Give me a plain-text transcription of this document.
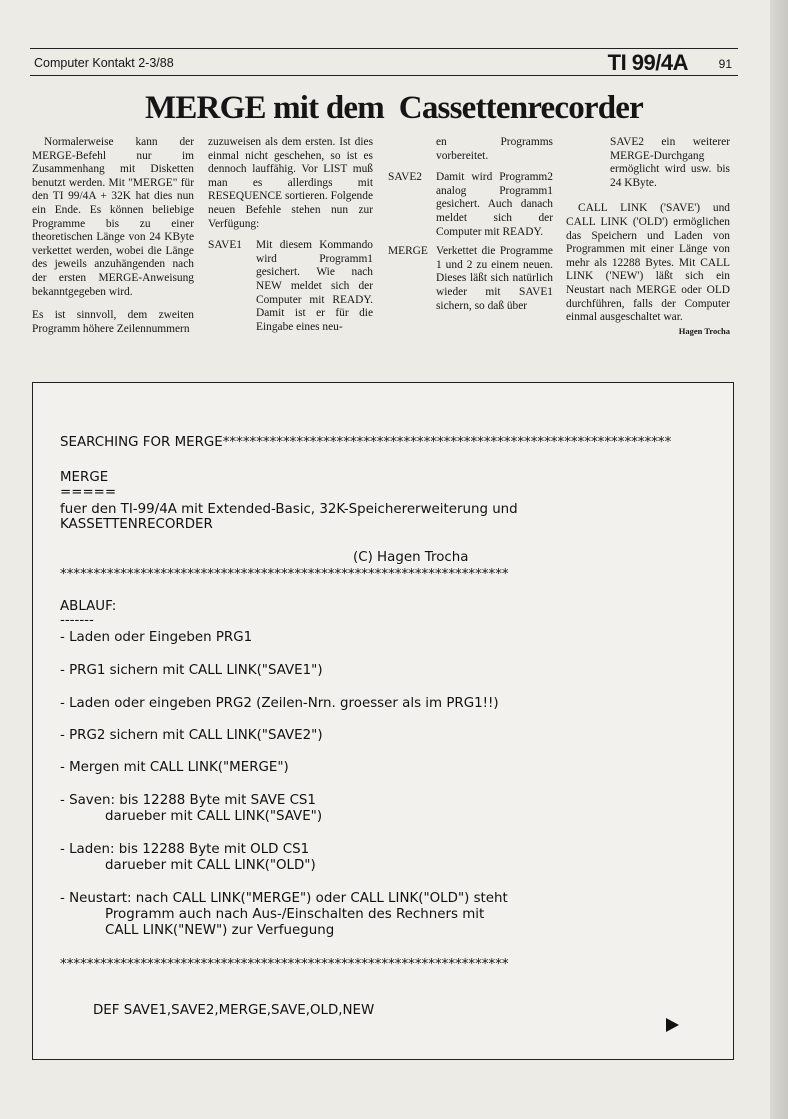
Computer Kontakt 2-3/88	TI 99/4A	91
MERGE mit dem  Cassettenrecorder

Normalerweise kann der MERGE-Befehl nur im Zusammenhang mit Disketten benutzt werden. Mit "MERGE" für den TI 99/4A + 32K hat dies nun ein Ende. Es können beliebige Programme bis zu einer theoretischen Länge von 24 KByte verkettet werden, wobei die Länge des jeweils anzuhängenden nach der ersten MERGE-Anweisung bekanntgegeben wird.

Es ist sinnvoll, dem zweiten Programm höhere Zeilennummern

zuzuweisen als dem ersten. Ist dies einmal nicht geschehen, so ist es dennoch lauffähig. Vor LIST muß man es allerdings mit RESEQUENCE sortieren. Folgende neuen Befehle stehen nun zur Verfügung:

SAVE1	Mit diesem Kommando wird Programm1 gesichert. Wie nach NEW meldet sich der Computer mit READY. Damit ist er für die Eingabe eines neu-

en Programms vorbereitet.

SAVE2	Damit wird Programm2 analog Programm1 gesichert. Auch danach meldet sich der Computer mit READY.
MERGE Verkettet die Programme 1 und 2 zu einem neuen. Dieses läßt sich natürlich wieder mit SAVE1 sichern, so daß über

SAVE2 ein weiterer MERGE-Durchgang ermöglicht wird usw. bis 24 KByte.

CALL LINK ('SAVE') und CALL LINK ('OLD') ermöglichen das Speichern und Laden von Programmen mit einer Länge von mehr als 12288 Bytes. Mit CALL LINK ('NEW') läßt sich ein Neustart nach MERGE oder OLD durchführen, falls der Computer einmal ausgeschaltet war.

Hagen Trocha
SEARCHING FOR MERGE*******************************************************************
MERGE
=====
fuer den TI-99/4A mit Extended-Basic, 32K-Speichererweiterung und
KASSETTENRECORDER
(C) Hagen Trocha
*******************************************************************
ABLAUF:
-------
- Laden oder Eingeben PRG1
- PRG1 sichern mit CALL LINK("SAVE1")
- Laden oder eingeben PRG2 (Zeilen-Nrn. groesser als im PRG1!!)
- PRG2 sichern mit CALL LINK("SAVE2")
- Mergen mit CALL LINK("MERGE")
- Saven: bis 12288 Byte mit SAVE CS1
darueber mit CALL LINK("SAVE")
- Laden: bis 12288 Byte mit OLD CS1
darueber mit CALL LINK("OLD")
- Neustart: nach CALL LINK("MERGE") oder CALL LINK("OLD") steht
Programm auch nach Aus-/Einschalten des Rechners mit
CALL LINK("NEW") zur Verfuegung
*******************************************************************
DEF SAVE1,SAVE2,MERGE,SAVE,OLD,NEW
